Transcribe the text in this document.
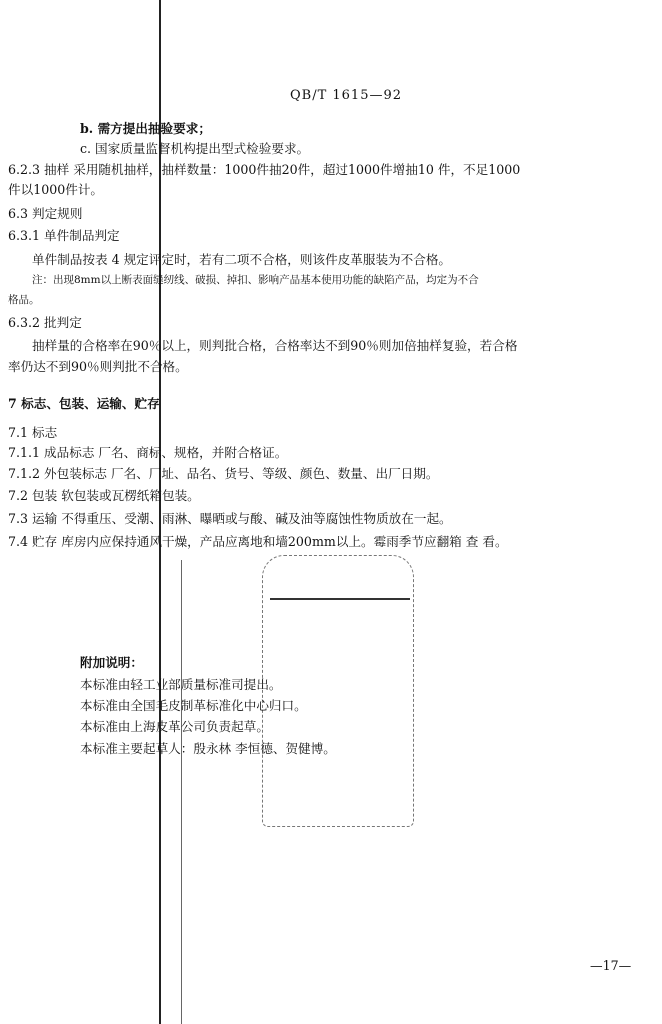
QB/T 1615—92
b. 需方提出抽验要求；
c. 国家质量监督机构提出型式检验要求。
6.2.3 抽样 采用随机抽样，抽样数量：1000件抽20件，超过1000件增抽10 件，不足1000
件以1000件计。
6.3 判定规则
6.3.1 单件制品判定
单件制品按表 4 规定评定时，若有二项不合格，则该件皮革服装为不合格。
注：出现8mm以上断表面缝纫线、破损、掉扣、影响产品基本使用功能的缺陷产品，均定为不合
格品。
6.3.2 批判定
抽样量的合格率在90％以上，则判批合格，合格率达不到90％则加倍抽样复验，若合格
率仍达不到90％则判批不合格。
7 标志、包装、运输、贮存
7.1 标志
7.1.1 成品标志 厂名、商标、规格，并附合格证。
7.1.2 外包装标志 厂名、厂址、品名、货号、等级、颜色、数量、出厂日期。
7.2 包装 软包装或瓦楞纸箱包装。
7.3 运输 不得重压、受潮、雨淋、曝晒或与酸、碱及油等腐蚀性物质放在一起。
7.4 贮存 库房内应保持通风干燥，产品应离地和墙200mm以上。霉雨季节应翻箱 查 看。
附加说明：
本标准由轻工业部质量标准司提出。
本标准由全国毛皮制革标准化中心归口。
本标准由上海皮革公司负责起草。
本标准主要起草人：殷永林 李恒德、贺健博。
—17—
